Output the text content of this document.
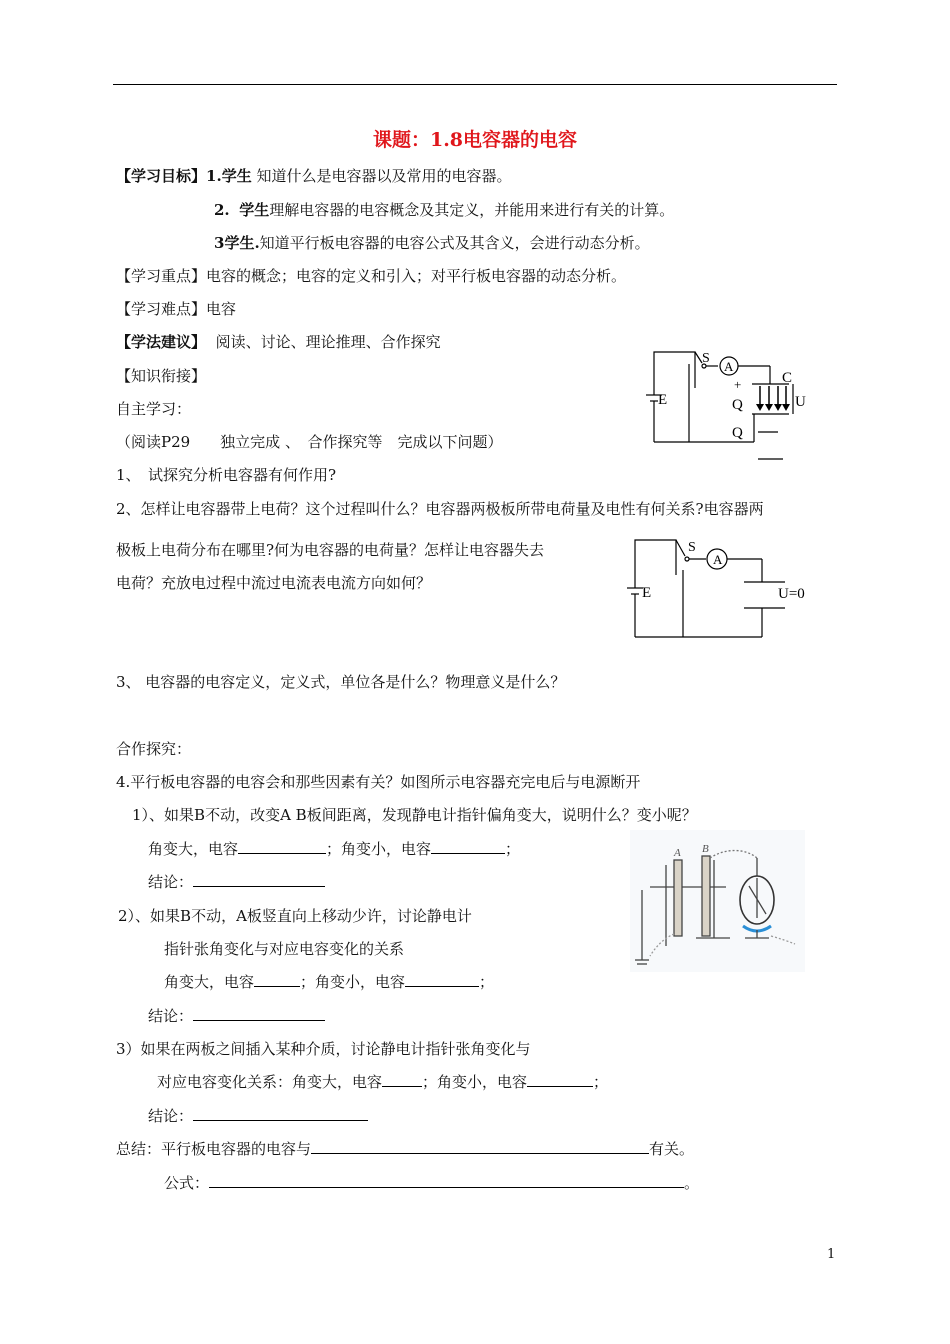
课题：1.8电容器的电容
【学习目标】1.学生 知道什么是电容器以及常用的电容器。
2. 学生理解电容器的电容概念及其定义，并能用来进行有关的计算。
3学生.知道平行板电容器的电容公式及其含义，会进行动态分析。
【学习重点】电容的概念；电容的定义和引入；对平行板电容器的动态分析。
【学习难点】电容
【学法建议】 阅读、讨论、理论推理、合作探究
【知识衔接】
自主学习：
（阅读P29　　独立完成 、　合作探究等　完成以下问题）
1、　试探究分析电容器有何作用?
2、怎样让电容器带上电荷？这个过程叫什么？电容器两极板所带电荷量及电性有何关系?电容器两
极板上电荷分布在哪里?何为电容器的电荷量？怎样让电容器失去
电荷？充放电过程中流过电流表电流方向如何？
3、 电容器的电容定义，定义式，单位各是什么？物理意义是什么？
合作探究：
4.平行板电容器的电容会和那些因素有关？如图所示电容器充完电后与电源断开
1）、如果B不动，改变A B板间距离，发现静电计指针偏角变大，说明什么？变小呢？
角变大，电容	；角变小，电容	；
结论：
2）、如果B不动，A板竖直向上移动少许，讨论静电计
指针张角变化与对应电容变化的关系
角变大，电容	；角变小，电容	；
结论：
3）如果在两板之间插入某种介质，讨论静电计指针张角变化与
对应电容变化关系：角变大，电容	；角变小，电容	；
结论：
总结：平行板电容器的电容与	有关。
公式：	。
1
S
A
C
E
+
Q
Q
U
S
A
E	U=0
A B
